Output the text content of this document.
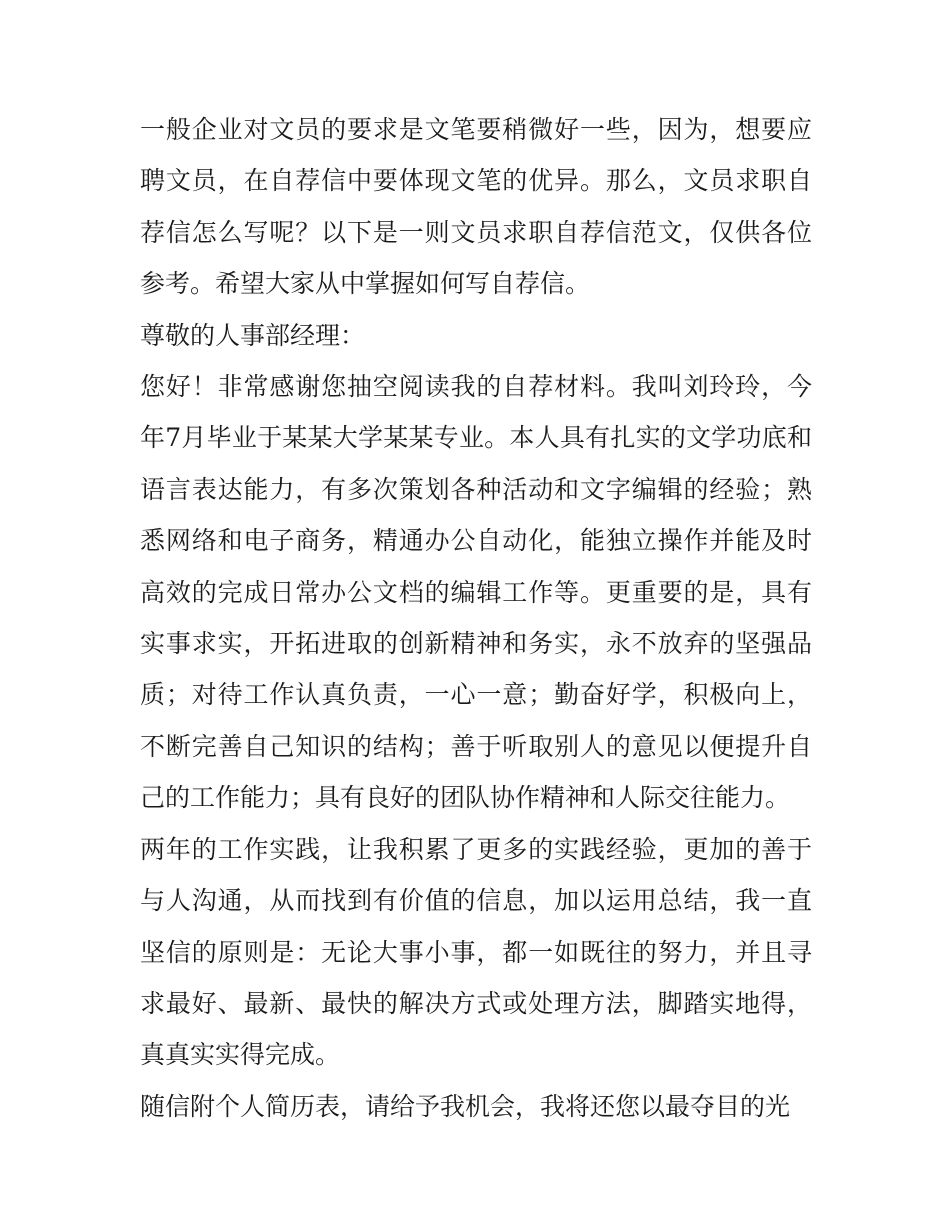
一般企业对文员的要求是文笔要稍微好一些，因为，想要应聘文员，在自荐信中要体现文笔的优异。那么，文员求职自荐信怎么写呢？以下是一则文员求职自荐信范文，仅供各位参考。希望大家从中掌握如何写自荐信。

尊敬的人事部经理：

您好！非常感谢您抽空阅读我的自荐材料。我叫刘玲玲，今年7月毕业于某某大学某某专业。本人具有扎实的文学功底和语言表达能力，有多次策划各种活动和文字编辑的经验；熟悉网络和电子商务，精通办公自动化，能独立操作并能及时高效的完成日常办公文档的编辑工作等。更重要的是，具有实事求实，开拓进取的创新精神和务实，永不放弃的坚强品质；对待工作认真负责，一心一意；勤奋好学，积极向上，不断完善自己知识的结构；善于听取别人的意见以便提升自己的工作能力；具有良好的团队协作精神和人际交往能力。

两年的工作实践，让我积累了更多的实践经验，更加的善于与人沟通，从而找到有价值的信息，加以运用总结，我一直坚信的原则是：无论大事小事，都一如既往的努力，并且寻求最好、最新、最快的解决方式或处理方法，脚踏实地得，真真实实得完成。

随信附个人简历表，请给予我机会，我将还您以最夺目的光
